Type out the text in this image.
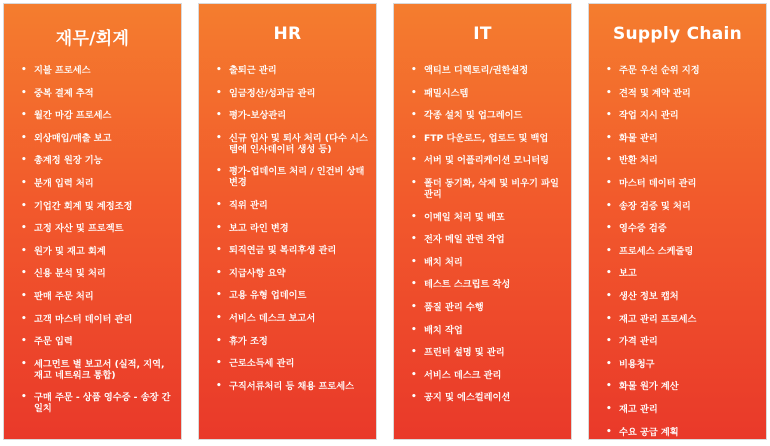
재무/회계
• 지불 프로세스
• 중복 결제 추적
• 월간 마감 프로세스
• 외상매입/매출 보고
• 총계정 원장 기능
• 분개 입력 처리
• 기업간 회계 및 계정조정
• 고정 자산 및 프로젝트
• 원가 및 재고 회계
• 신용 분석 및 처리
• 판매 주문 처리
• 고객 마스터 데이터 관리
• 주문 입력
• 세그먼트 별 보고서 (실적, 지역, 재고 네트워크 통합)
• 구매 주문 - 상품 영수증 - 송장 간 일치
HR
• 출퇴근 관리
• 임금정산/성과급 관리
• 평가-보상관리
• 신규 입사 및 퇴사 처리 (다수 시스템에 인사데이터 생성 등)
• 평가-업데이트 처리 / 인건비 상태 변경
• 직위 관리
• 보고 라인 변경
• 퇴직연금 및 복리후생 관리
• 지급사항 요약
• 고용 유형 업데이트
• 서비스 데스크 보고서
• 휴가 조정
• 근로소득세 관리
• 구직서류처리 등 채용 프로세스
IT
• 액티브 디렉토리/권한설정
• 패밀시스템
• 각종 설치 및 업그레이드
• FTP 다운로드, 업로드 및 백업
• 서버 및 어플리케이션 모니터링
• 폴더 동기화, 삭제 및 비우기 파일 관리
• 이메일 처리 및 배포
• 전자 메일 관련 작업
• 배치 처리
• 테스트 스크립트 작성
• 품질 관리 수행
• 배치 작업
• 프린터 설명 및 관리
• 서비스 데스크 관리
• 공지 및 에스컬레이션
Supply Chain
• 주문 우선 순위 지정
• 견적 및 계약 관리
• 작업 지시 관리
• 화물 관리
• 반환 처리
• 마스터 데이터 관리
• 송장 검증 및 처리
• 영수증 검증
• 프로세스 스케줄링
• 보고
• 생산 정보 캡처
• 재고 관리 프로세스
• 가격 관리
• 비용청구
• 화물 원가 계산
• 재고 관리
• 수요 공급 계획
